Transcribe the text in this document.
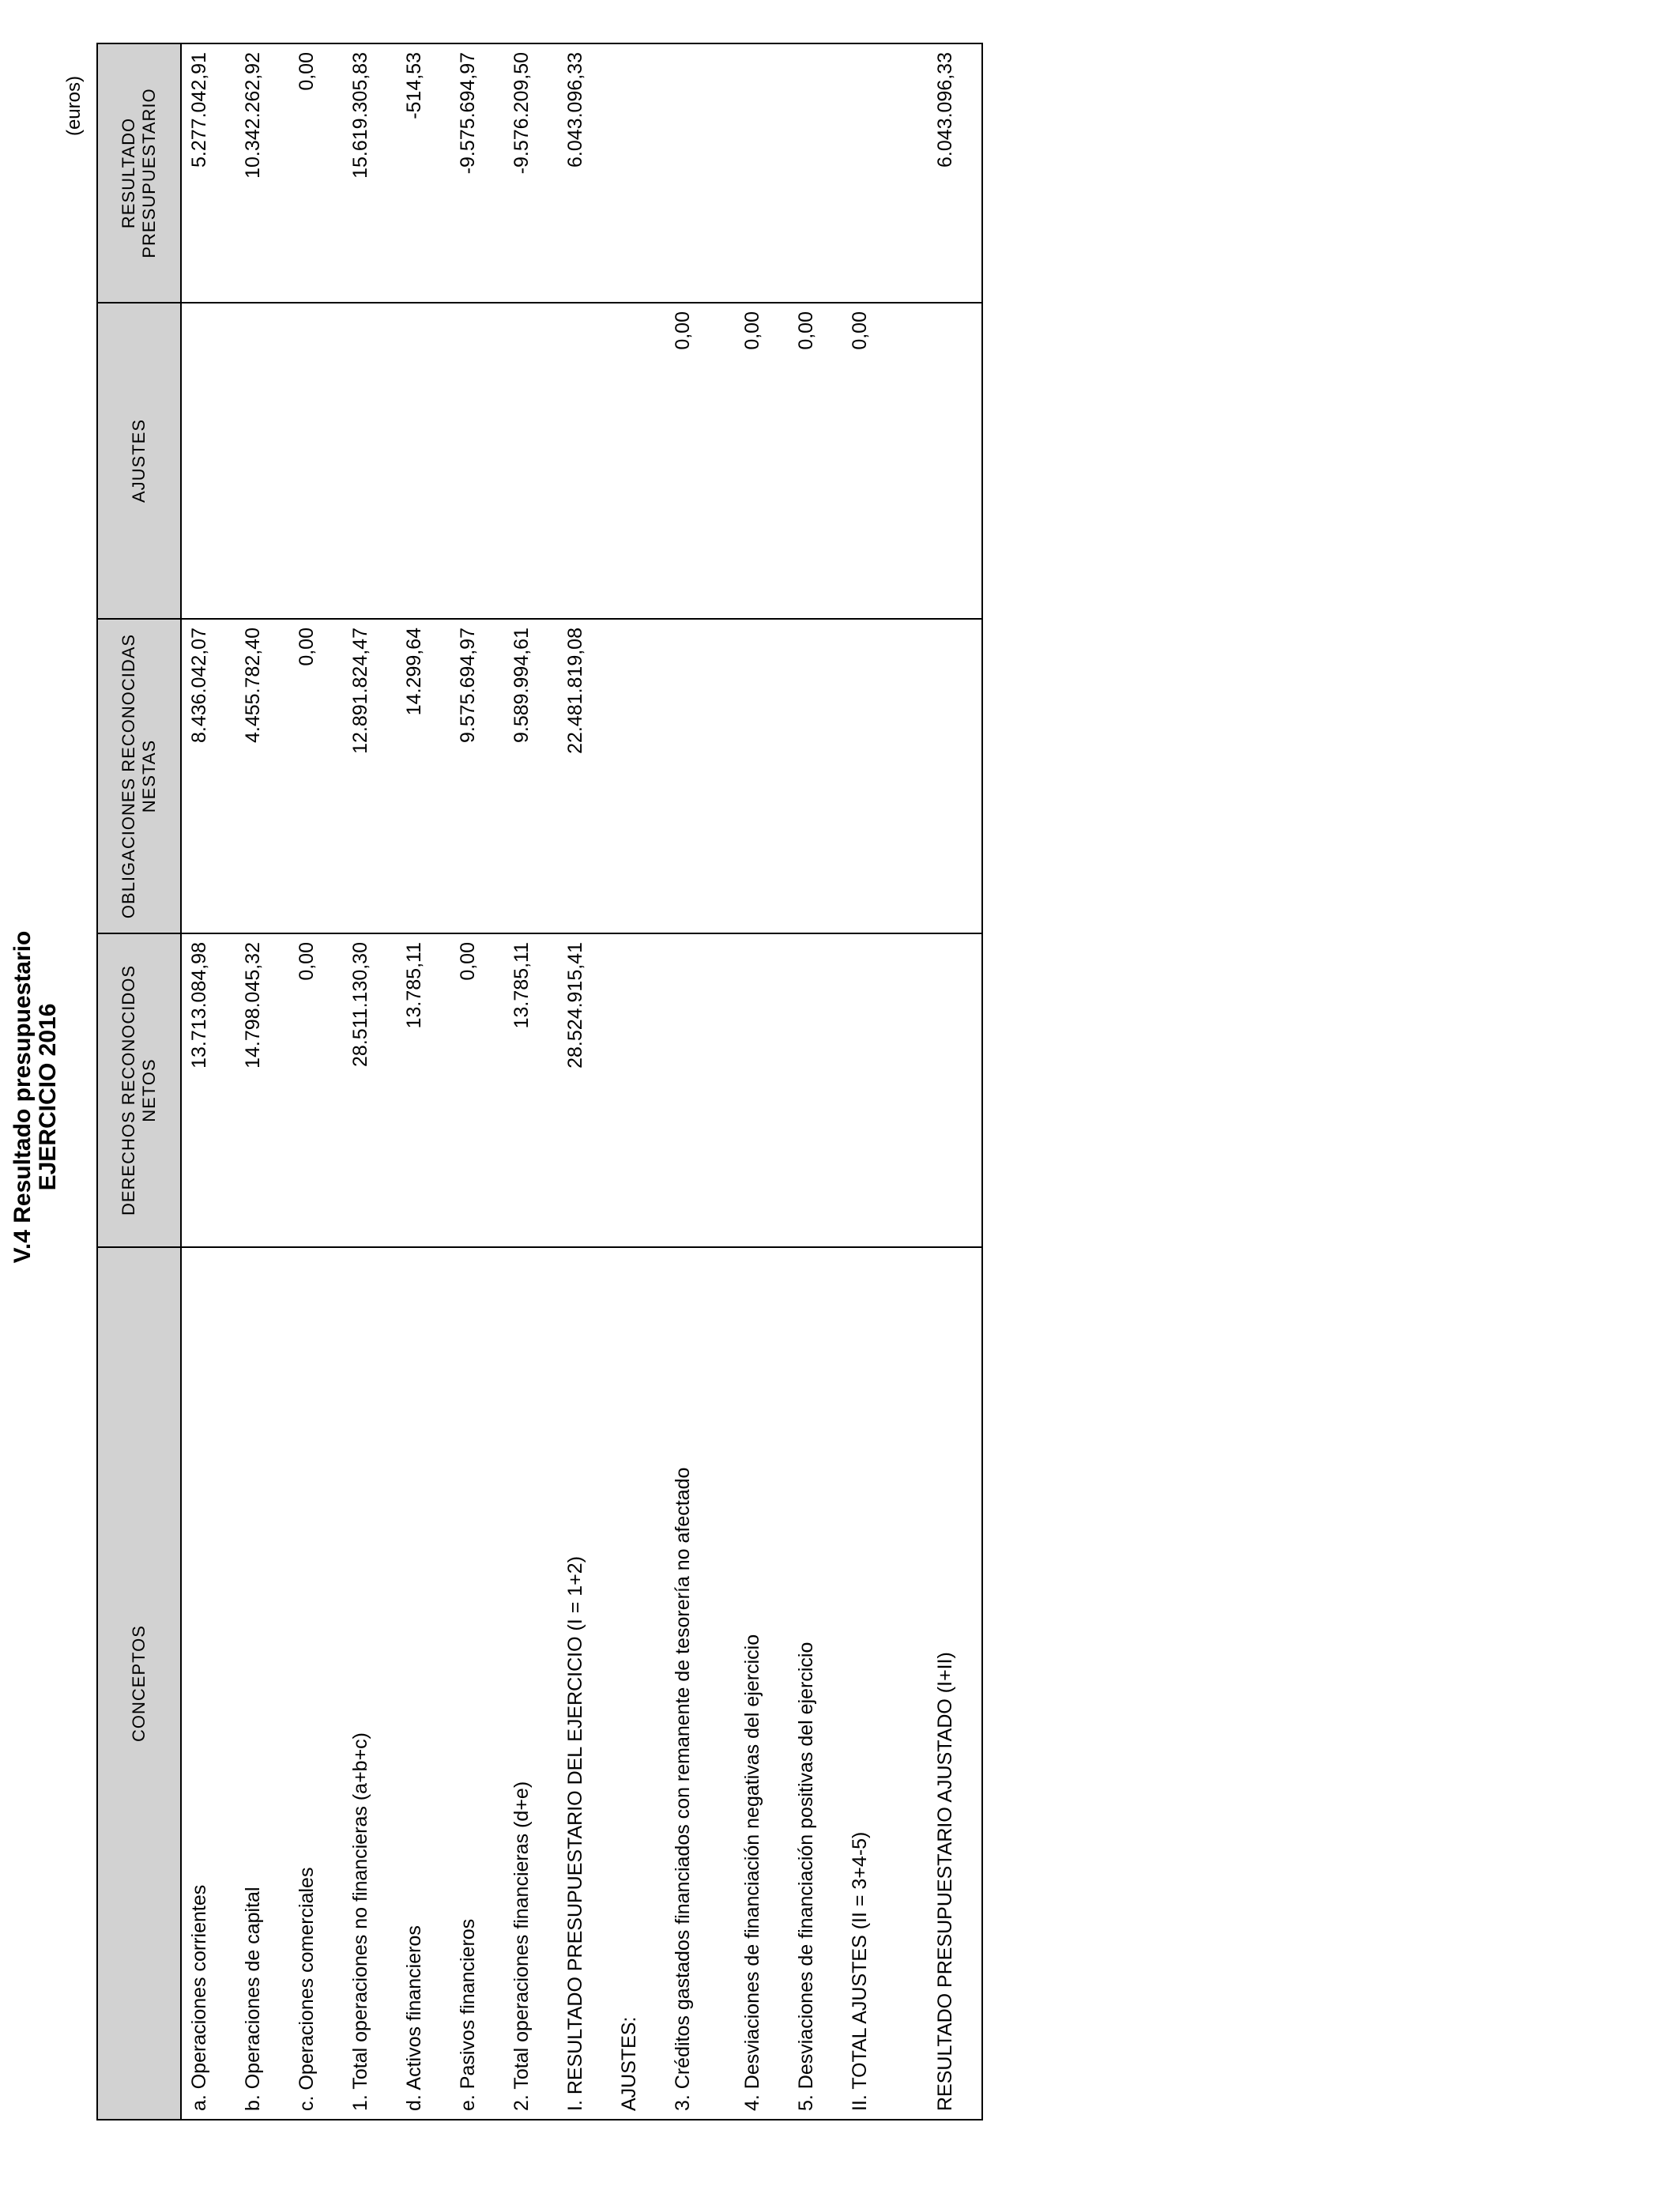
V.4 Resultado presupuestario EJERCICIO 2016
(euros)
CONCEPTOS	DERECHOS RECONOCIDOS NETOS	OBLIGACIONES RECONOCIDAS NESTAS	AJUSTES	RESULTADO PRESUPUESTARIO
a. Operaciones corrientes	13.713.084,98	8.436.042,07		5.277.042,91
b. Operaciones de capital	14.798.045,32	4.455.782,40		10.342.262,92
c. Operaciones comerciales	0,00	0,00		0,00
1. Total operaciones no financieras (a+b+c)	28.511.130,30	12.891.824,47		15.619.305,83
d. Activos financieros	13.785,11	14.299,64		-514,53
e. Pasivos financieros	0,00	9.575.694,97		-9.575.694,97
2. Total operaciones financieras (d+e)	13.785,11	9.589.994,61		-9.576.209,50
I. RESULTADO PRESUPUESTARIO DEL EJERCICIO (I = 1+2)	28.524.915,41	22.481.819,08		6.043.096,33
AJUSTES:				
3. Créditos gastados financiados con remanente de tesorería no afectado			0,00	
4. Desviaciones de financiación negativas del ejercicio			0,00	
5. Desviaciones de financiación positivas del ejercicio			0,00	
II. TOTAL AJUSTES (II = 3+4-5)			0,00	

RESULTADO PRESUPUESTARIO AJUSTADO (I+II)				6.043.096,33
